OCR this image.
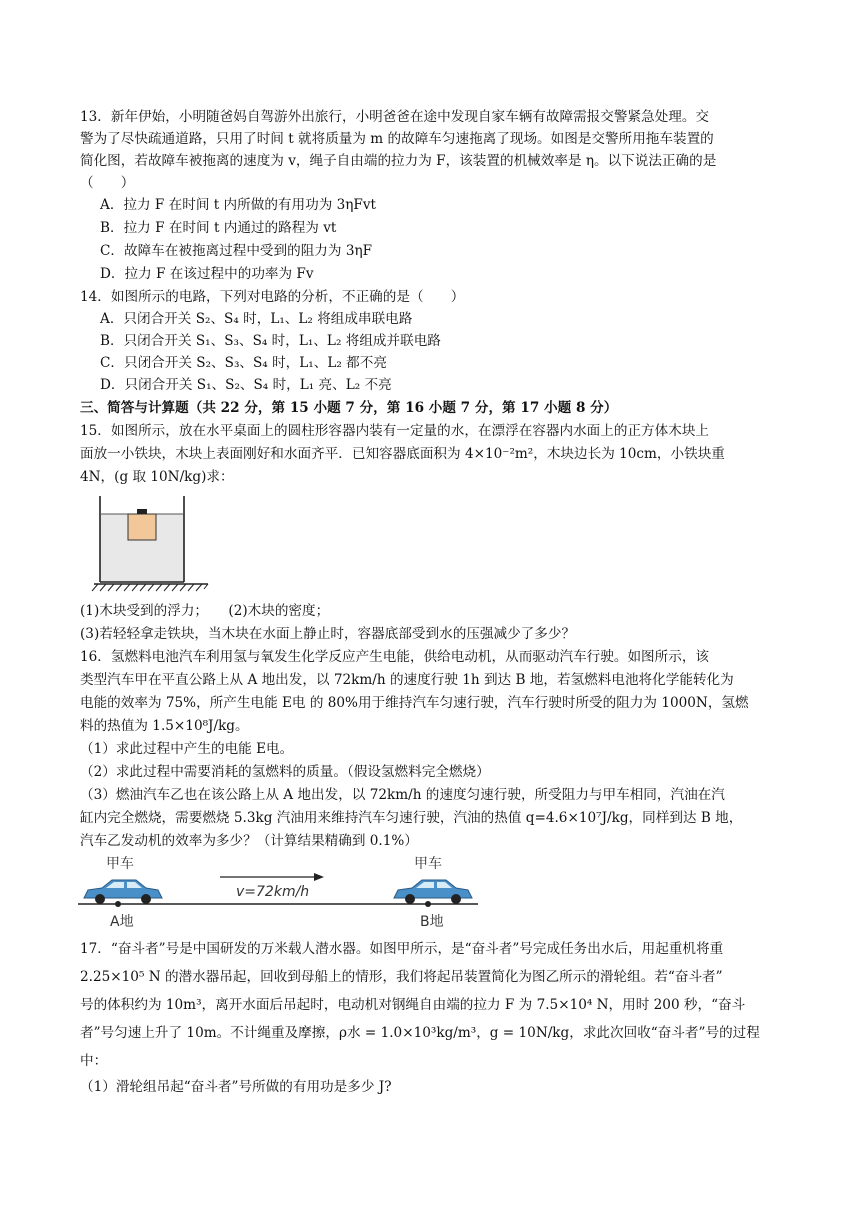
13．新年伊始，小明随爸妈自驾游外出旅行，小明爸爸在途中发现自家车辆有故障需报交警紧急处理。交
警为了尽快疏通道路，只用了时间 t 就将质量为 m 的故障车匀速拖离了现场。如图是交警所用拖车装置的
简化图，若故障车被拖离的速度为 v，绳子自由端的拉力为 F，该装置的机械效率是 η。以下说法正确的是
（　　）
A．拉力 F 在时间 t 内所做的有用功为 3ηFvt
B．拉力 F 在时间 t 内通过的路程为 vt
C．故障车在被拖离过程中受到的阻力为 3ηF
D．拉力 F 在该过程中的功率为 Fv
14．如图所示的电路，下列对电路的分析，不正确的是（　　）
A．只闭合开关 S₂、S₄ 时，L₁、L₂ 将组成串联电路
B．只闭合开关 S₁、S₃、S₄ 时，L₁、L₂ 将组成并联电路
C．只闭合开关 S₂、S₃、S₄ 时，L₁、L₂ 都不亮
D．只闭合开关 S₁、S₂、S₄ 时，L₁ 亮、L₂ 不亮
三、简答与计算题（共 22 分，第 15 小题 7 分，第 16 小题 7 分，第 17 小题 8 分）
15．如图所示，放在水平桌面上的圆柱形容器内装有一定量的水，在漂浮在容器内水面上的正方体木块上
面放一小铁块，木块上表面刚好和水面齐平．已知容器底面积为 4×10⁻²m²，木块边长为 10cm，小铁块重
4N，(g 取 10N/kg)求：
(1)木块受到的浮力；　　(2)木块的密度；
(3)若轻轻拿走铁块，当木块在水面上静止时，容器底部受到水的压强减少了多少？
16．氢燃料电池汽车利用氢与氧发生化学反应产生电能，供给电动机，从而驱动汽车行驶。如图所示，该
类型汽车甲在平直公路上从 A 地出发，以 72km/h 的速度行驶 1h 到达 B 地，若氢燃料电池将化学能转化为
电能的效率为 75%，所产生电能 E电 的 80%用于维持汽车匀速行驶，汽车行驶时所受的阻力为 1000N，氢燃
料的热值为 1.5×10⁸J/kg。
（1）求此过程中产生的电能 E电。
（2）求此过程中需要消耗的氢燃料的质量。（假设氢燃料完全燃烧）
（3）燃油汽车乙也在该公路上从 A 地出发，以 72km/h 的速度匀速行驶，所受阻力与甲车相同，汽油在汽
缸内完全燃烧，需要燃烧 5.3kg 汽油用来维持汽车匀速行驶，汽油的热值 q=4.6×10⁷J/kg，同样到达 B 地，
汽车乙发动机的效率为多少？（计算结果精确到 0.1%）
甲车
A地
v=72km/h
甲车
B地
17．“奋斗者”号是中国研发的万米载人潜水器。如图甲所示，是“奋斗者”号完成任务出水后，用起重机将重
2.25×10⁵ N 的潜水器吊起，回收到母船上的情形，我们将起吊装置简化为图乙所示的滑轮组。若“奋斗者”
号的体积约为 10m³，离开水面后吊起时，电动机对钢绳自由端的拉力 F 为 7.5×10⁴ N，用时 200 秒，“奋斗
者”号匀速上升了 10m。不计绳重及摩擦，ρ水 = 1.0×10³kg/m³，g = 10N/kg，求此次回收“奋斗者”号的过程
中：
（1）滑轮组吊起“奋斗者”号所做的有用功是多少 J?
